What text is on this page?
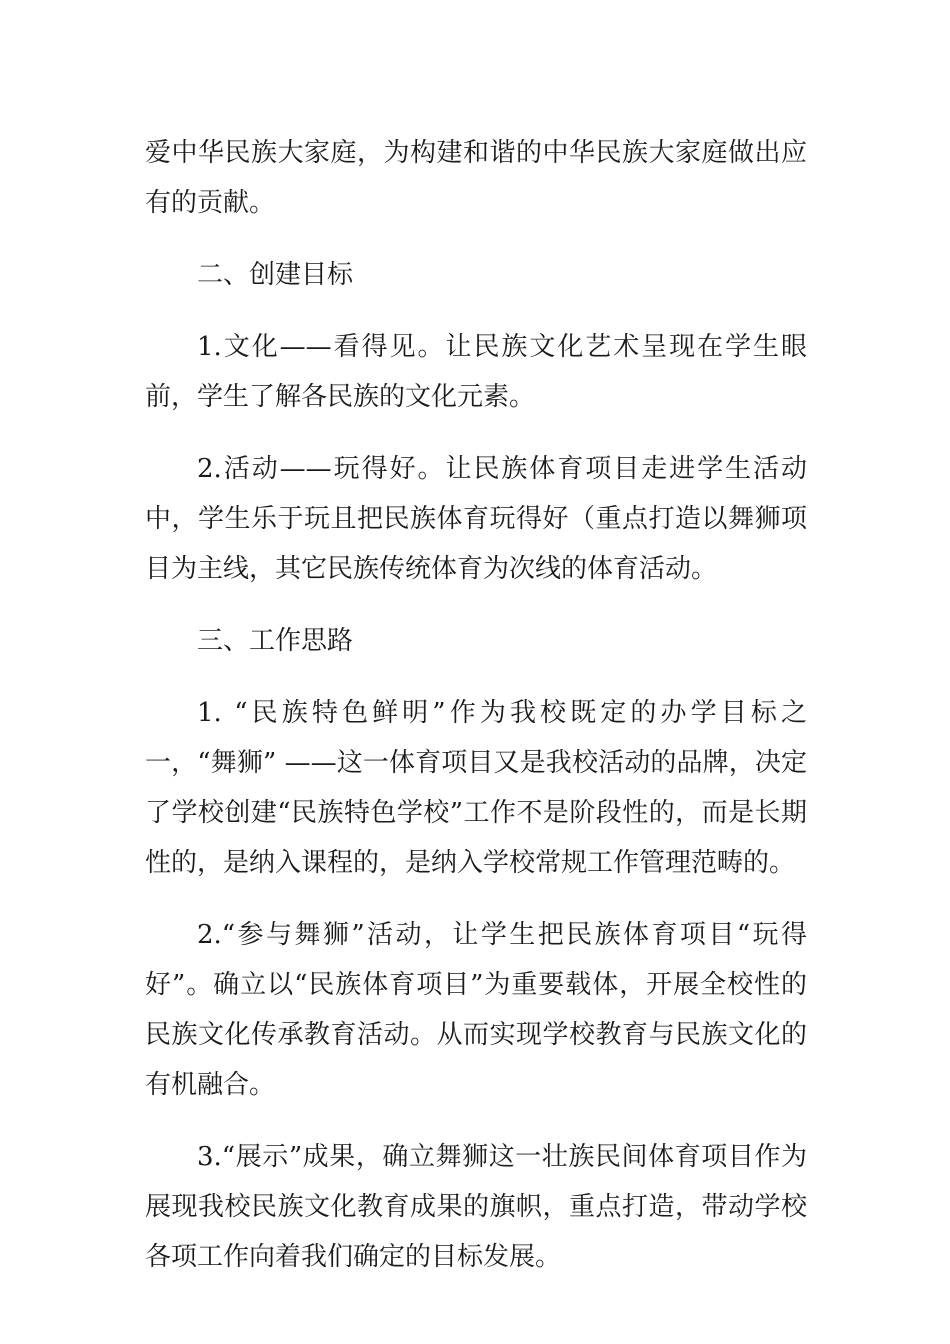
爱中华民族大家庭，为构建和谐的中华民族大家庭做出应有的贡献。

二、创建目标

1.文化——看得见。让民族文化艺术呈现在学生眼前，学生了解各民族的文化元素。

2.活动——玩得好。让民族体育项目走进学生活动中，学生乐于玩且把民族体育玩得好（重点打造以舞狮项目为主线，其它民族传统体育为次线的体育活动。

三、工作思路

1. “民族特色鲜明”作为我校既定的办学目标之一，“舞狮” ——这一体育项目又是我校活动的品牌，决定了学校创建“民族特色学校”工作不是阶段性的，而是长期性的，是纳入课程的，是纳入学校常规工作管理范畴的。

2.“参与舞狮”活动，让学生把民族体育项目“玩得好”。确立以“民族体育项目”为重要载体，开展全校性的民族文化传承教育活动。从而实现学校教育与民族文化的有机融合。

3.“展示”成果，确立舞狮这一壮族民间体育项目作为展现我校民族文化教育成果的旗帜，重点打造，带动学校各项工作向着我们确定的目标发展。
